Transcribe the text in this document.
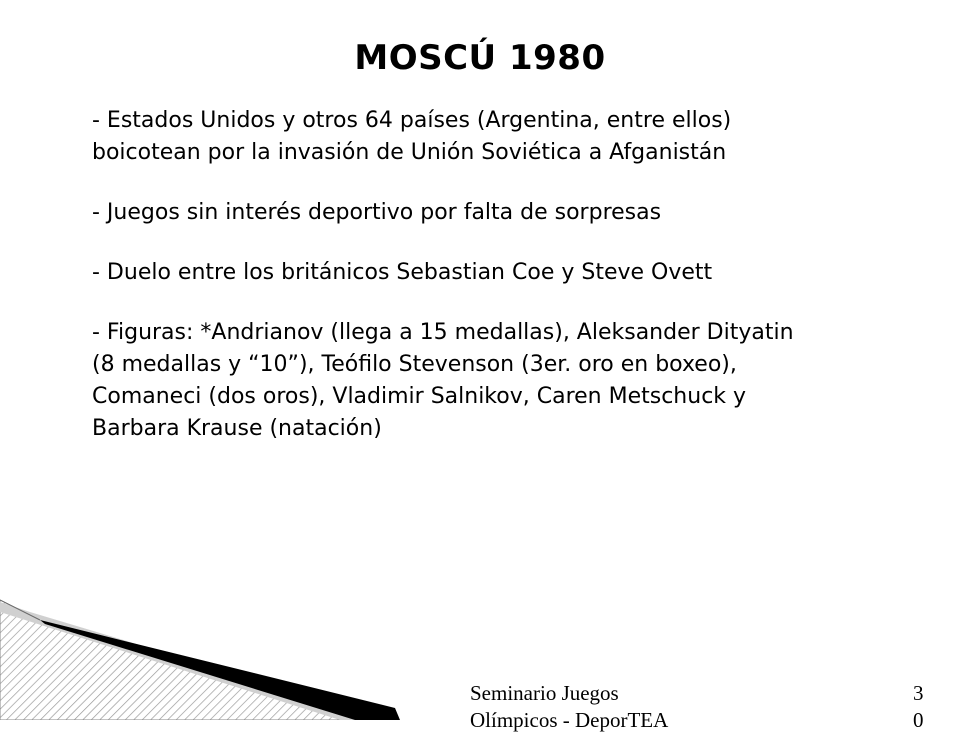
MOSCÚ 1980
- Estados Unidos y otros 64 países (Argentina, entre ellos)
boicotean por la invasión de Unión Soviética a Afganistán
- Juegos sin interés deportivo por falta de sorpresas
- Duelo entre los británicos Sebastian Coe y Steve Ovett
- Figuras: *Andrianov (llega a 15 medallas), Aleksander Dityatin
(8 medallas y “10”), Teófilo Stevenson (3er. oro en boxeo),
Comaneci (dos oros), Vladimir Salnikov, Caren Metschuck y
Barbara Krause (natación)
Seminario Juegos Olímpicos - DeporTEA
30
